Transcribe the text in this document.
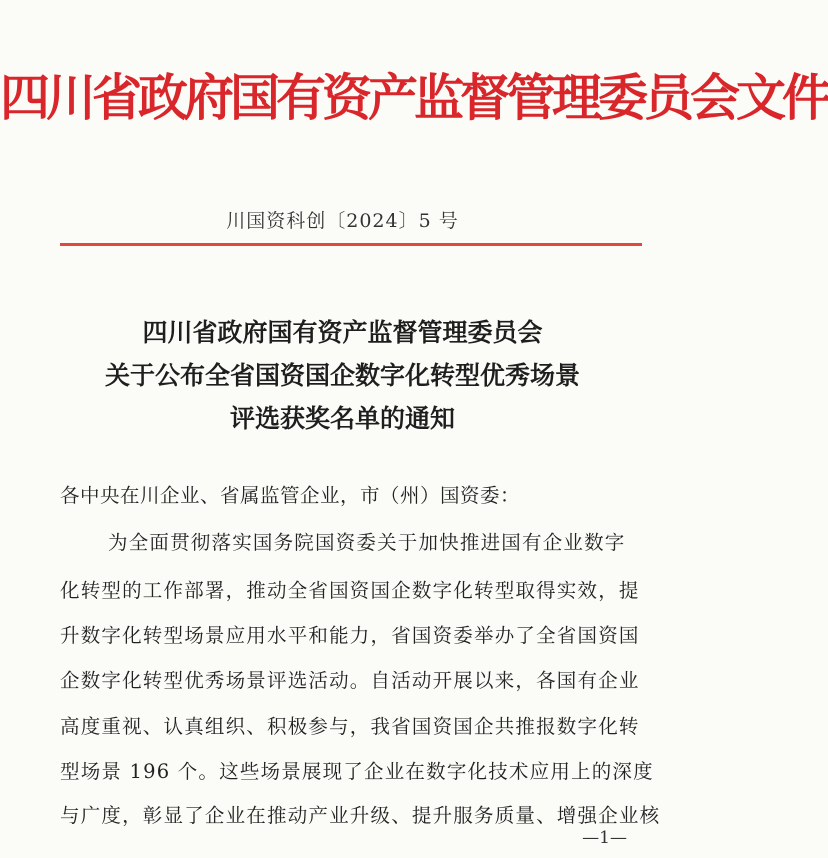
四川省政府国有资产监督管理委员会文件
川国资科创〔2024〕5 号
四川省政府国有资产监督管理委员会
关于公布全省国资国企数字化转型优秀场景
评选获奖名单的通知
各中央在川企业、省属监管企业，市（州）国资委：
为全面贯彻落实国务院国资委关于加快推进国有企业数字
化转型的工作部署，推动全省国资国企数字化转型取得实效，提
升数字化转型场景应用水平和能力，省国资委举办了全省国资国
企数字化转型优秀场景评选活动。自活动开展以来，各国有企业
高度重视、认真组织、积极参与，我省国资国企共推报数字化转
型场景 196 个。这些场景展现了企业在数字化技术应用上的深度
与广度，彰显了企业在推动产业升级、提升服务质量、增强企业核
—1—
